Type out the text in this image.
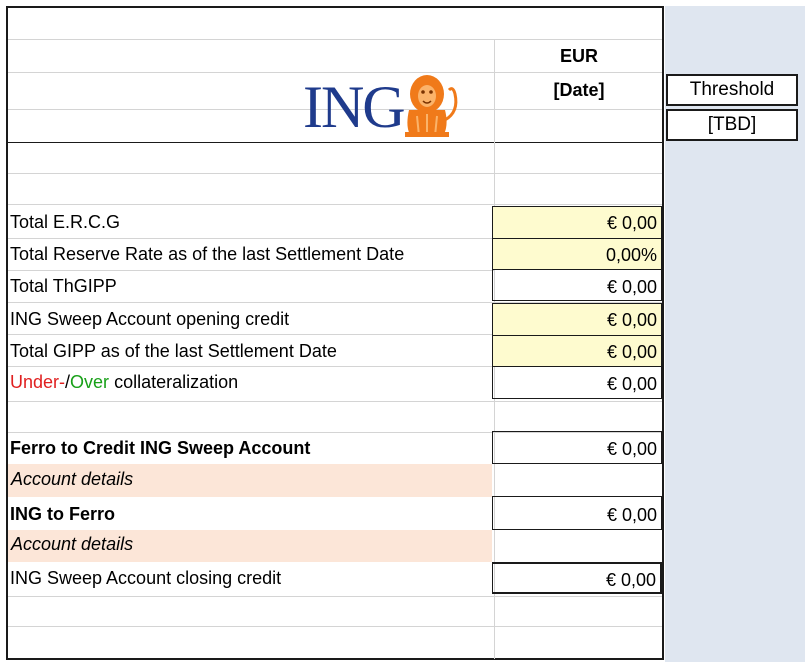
ING
EUR
[Date]	Threshold
[TBD]
Total E.R.C.G	€ 0,00
Total Reserve Rate as of the last Settlement Date	0,00%
Total ThGIPP	€ 0,00
ING Sweep Account opening credit	€ 0,00
Total GIPP as of the last Settlement Date	€ 0,00
Under-/Over collateralization	€ 0,00
Ferro to Credit ING Sweep Account	€ 0,00
Account details
ING to Ferro	€ 0,00
Account details
ING Sweep Account closing credit	€ 0,00
